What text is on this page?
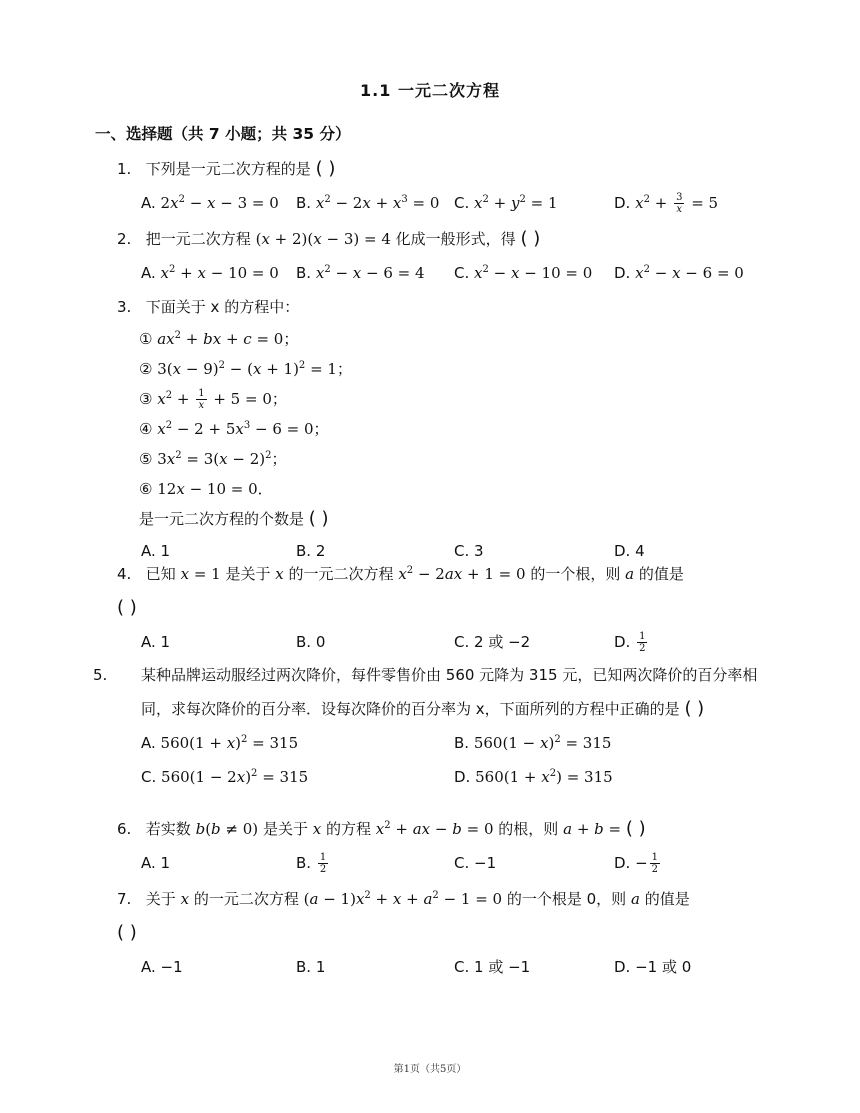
1.1 一元二次方程
一、选择题（共 7 小题；共 35 分）
1. 下列是一元二次方程的是 ( )
A. $2x^2 - x - 3 = 0$ B. $x^2 - 2x + x^3 = 0$ C. $x^2 + y^2 = 1$	D. $x^2 + \frac{3}{x} = 5$
2. 把一元二次方程 (x + 2)(x − 3) = 4 化成一般形式，得 ( )
A. $x^2 + x - 10 = 0$ B. $x^2 - x - 6 = 4$ C. $x^2 - x - 10 = 0$ D. $x^2 - x - 6 = 0$
3. 下面关于 x 的方程中：
① $ax^2$ + bx + c = 0；
② $3(x - 9)^2 - (x + 1)^2 = 1$；
③ $x^2 + \frac{1}{x} + 5 = 0$；
④ $x^2 - 2 + 5x^3 - 6 = 0$；
⑤ $3x^2 = 3(x - 2)^2$；
⑥ 12x − 10 = 0．
是一元二次方程的个数是 ( )
A. 1	B. 2	C. 3	D. 4
4. 已知 x = 1 是关于 x 的一元二次方程 $x^2 - 2ax + 1 = 0$ 的一个根，则 a 的值是
( )
A. 1	B. 0	C. 2 或 −2	D. $\frac{1}{2}$
5. 某种品牌运动服经过两次降价，每件零售价由 560 元降为 315 元，已知两次降价的百分率相同，求每次降价的百分率．设每次降价的百分率为 x，下面所列的方程中正确的是 ( )
A. $560(1 + x)^2 = 315$	B. $560(1 - x)^2 = 315$
C. $560(1 - 2x)^2 = 315$	D. $560(1 + x^2) = 315$
6. 若实数 b(b ≠ 0) 是关于 x 的方程 $x^2$ + ax − b = 0 的根，则 a + b = ( )
A. 1	B. $\frac{1}{2}$	C. −1	D. − $\frac{1}{2}$
7. 关于 x 的一元二次方程 $(a - 1)x^2 + x + a^2 - 1 = 0$ 的一个根是 0，则 a 的值是
( )
A. −1	B. 1	C. 1 或 −1	D. −1 或 0
第1页（共5页）
